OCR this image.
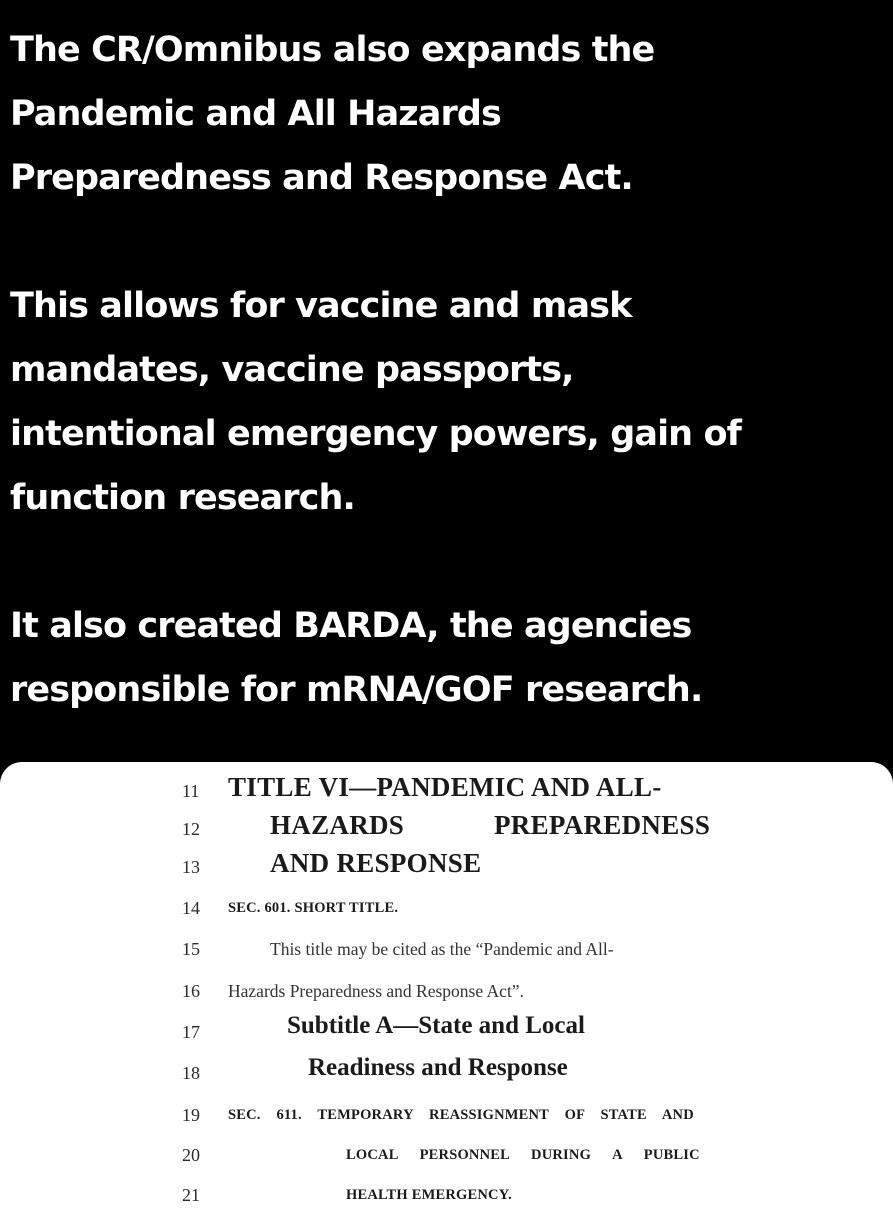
The CR/Omnibus also expands the
Pandemic and All Hazards
Preparedness and Response Act.

This allows for vaccine and mask
mandates, vaccine passports,
intentional emergency powers, gain of
function research.

It also created BARDA, the agencies
responsible for mRNA/GOF research.

11	TITLE VI—PANDEMIC AND ALL-
12	HAZARDS	PREPAREDNESS
13	AND RESPONSE
14	SEC. 601. SHORT TITLE.
15	This title may be cited as the “Pandemic and All-
16	Hazards Preparedness and Response Act”.
17	Subtitle A—State and Local
18	Readiness and Response
19	SEC. 611. TEMPORARY REASSIGNMENT OF STATE AND
20	LOCAL PERSONNEL DURING A PUBLIC
21	HEALTH EMERGENCY.
